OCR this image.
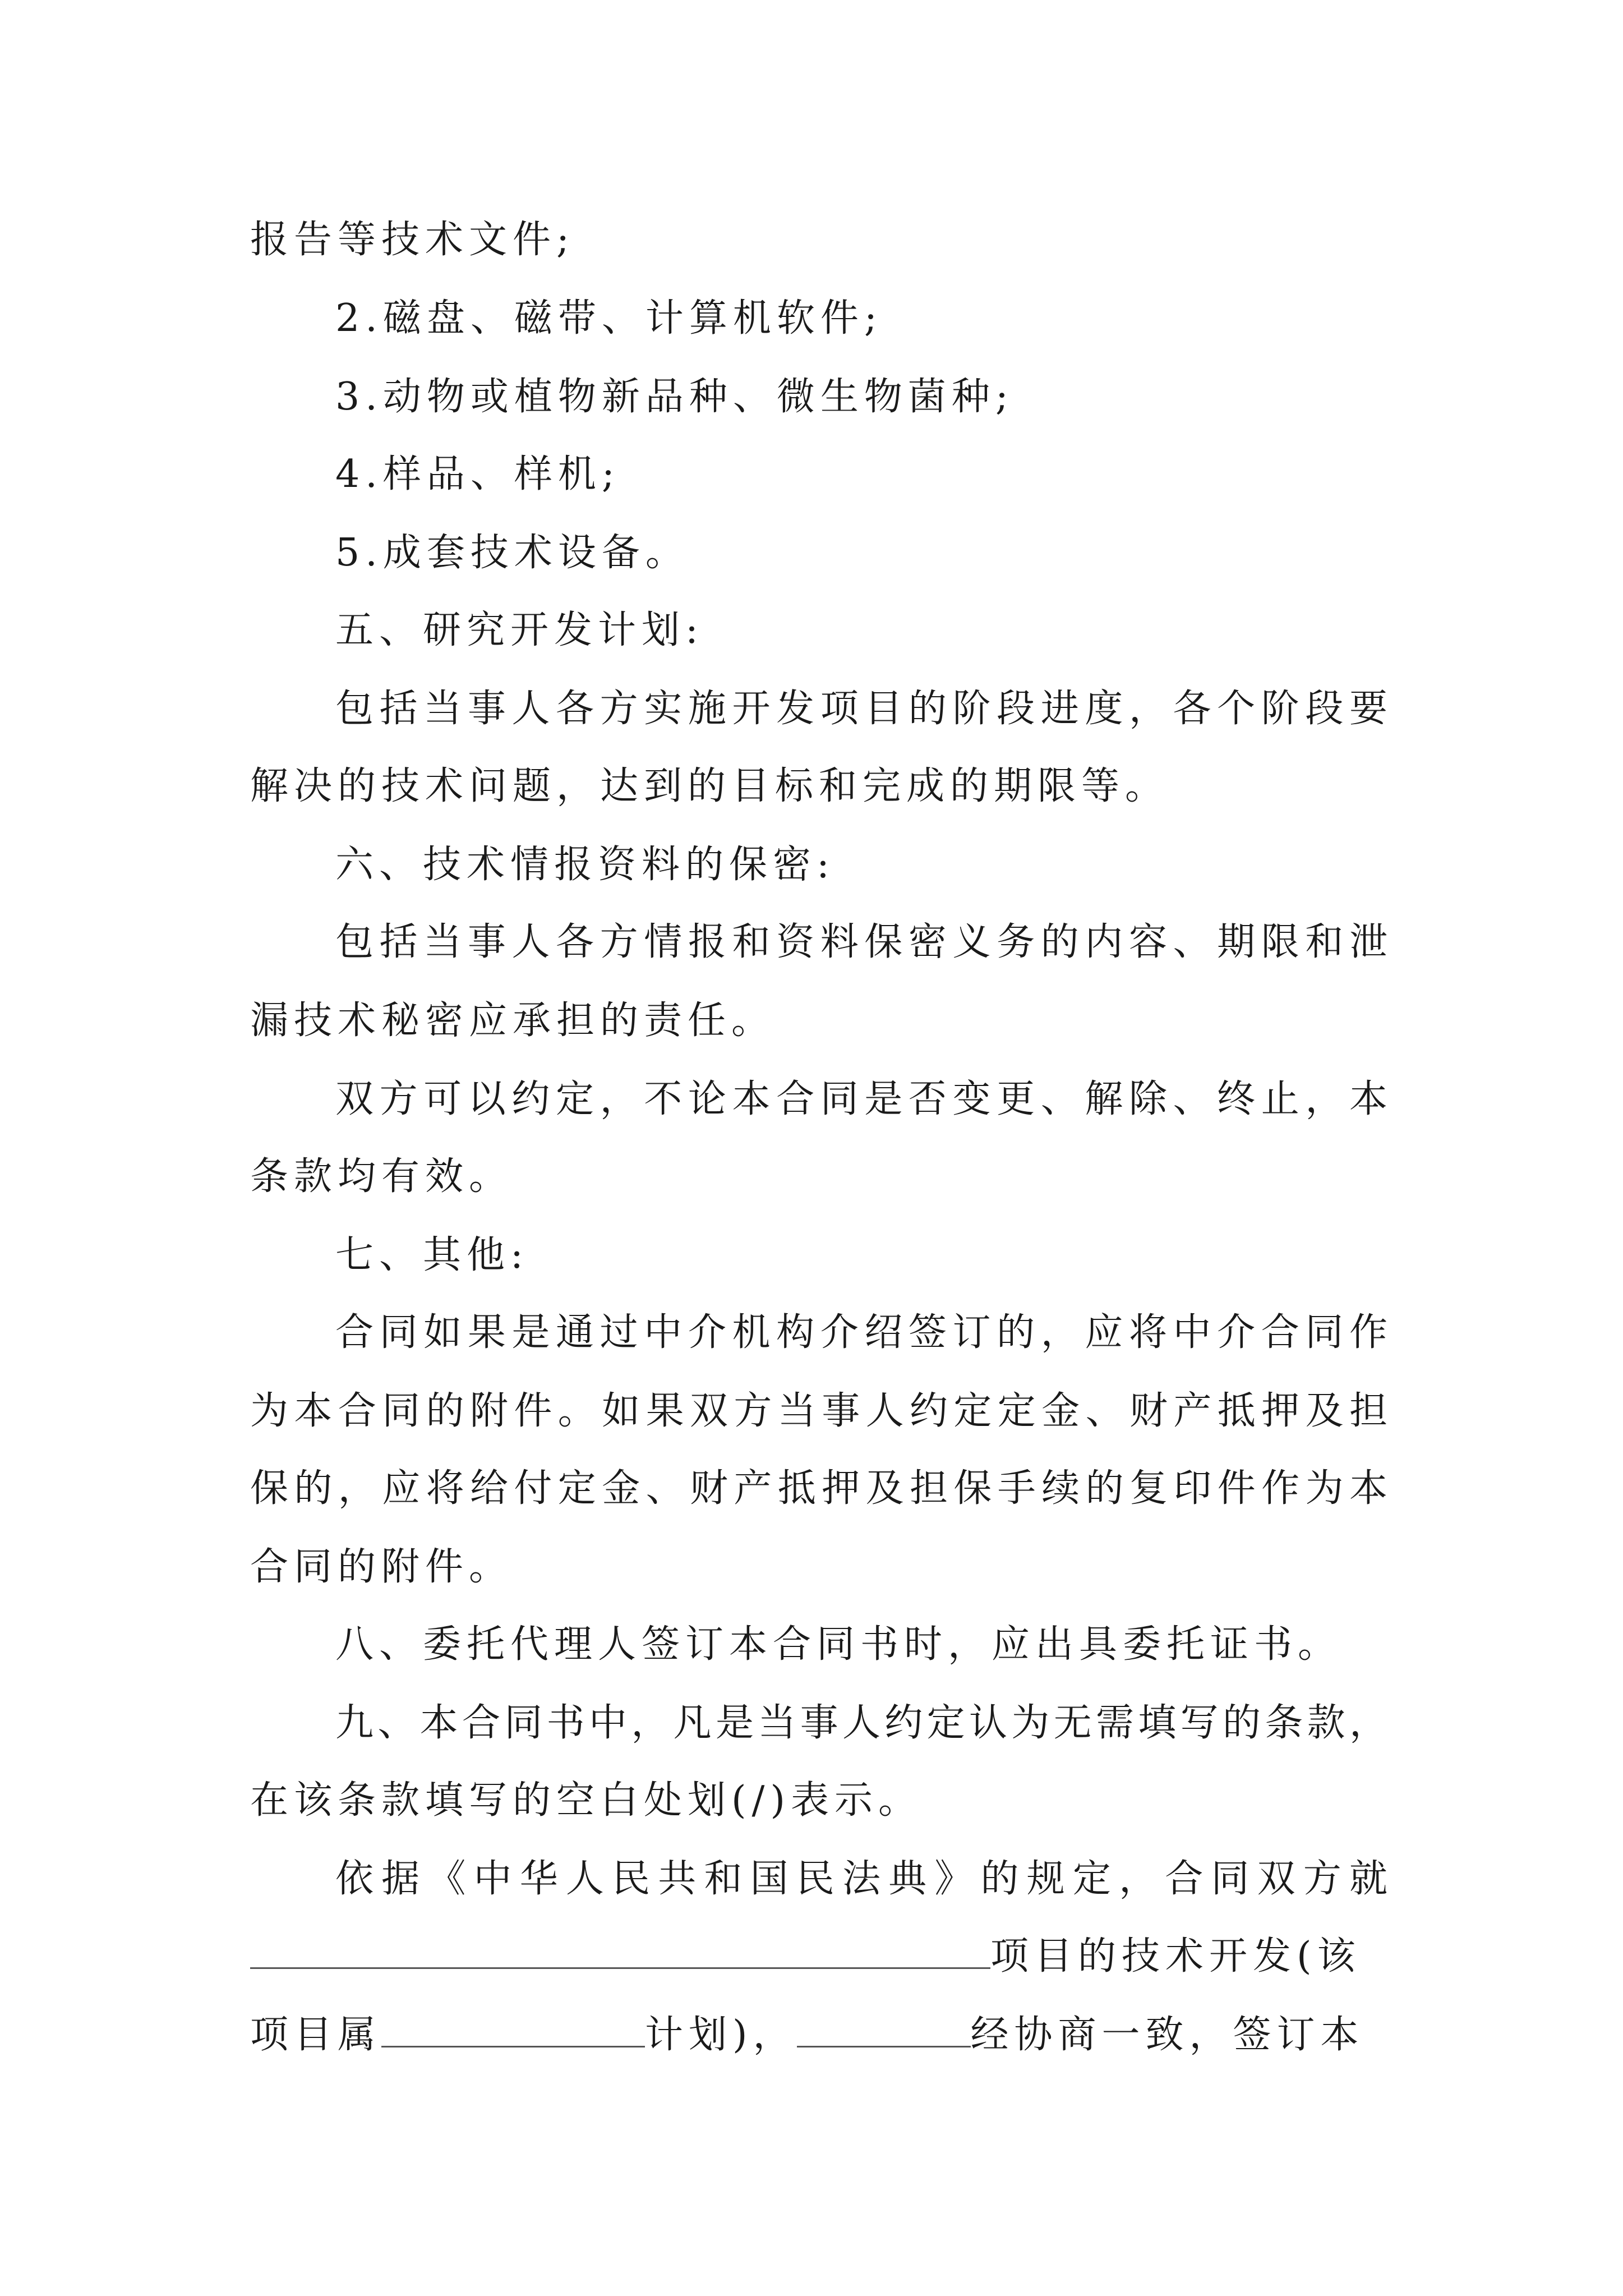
报告等技术文件;
2.磁盘、磁带、计算机软件;
3.动物或植物新品种、微生物菌种;
4.样品、样机;
5.成套技术设备。
五、研究开发计划:
包括当事人各方实施开发项目的阶段进度，各个阶段要
解决的技术问题，达到的目标和完成的期限等。
六、技术情报资料的保密:
包括当事人各方情报和资料保密义务的内容、期限和泄
漏技术秘密应承担的责任。
双方可以约定，不论本合同是否变更、解除、终止，本
条款均有效。
七、其他:
合同如果是通过中介机构介绍签订的，应将中介合同作
为本合同的附件。如果双方当事人约定定金、财产抵押及担
保的，应将给付定金、财产抵押及担保手续的复印件作为本
合同的附件。
八、委托代理人签订本合同书时，应出具委托证书。
九、本合同书中，凡是当事人约定认为无需填写的条款，
在该条款填写的空白处划(/)表示。
依据《中华人民共和国民法典》的规定，合同双方就
项目的技术开发(该
项目属	计划)，	经协商一致，签订本
